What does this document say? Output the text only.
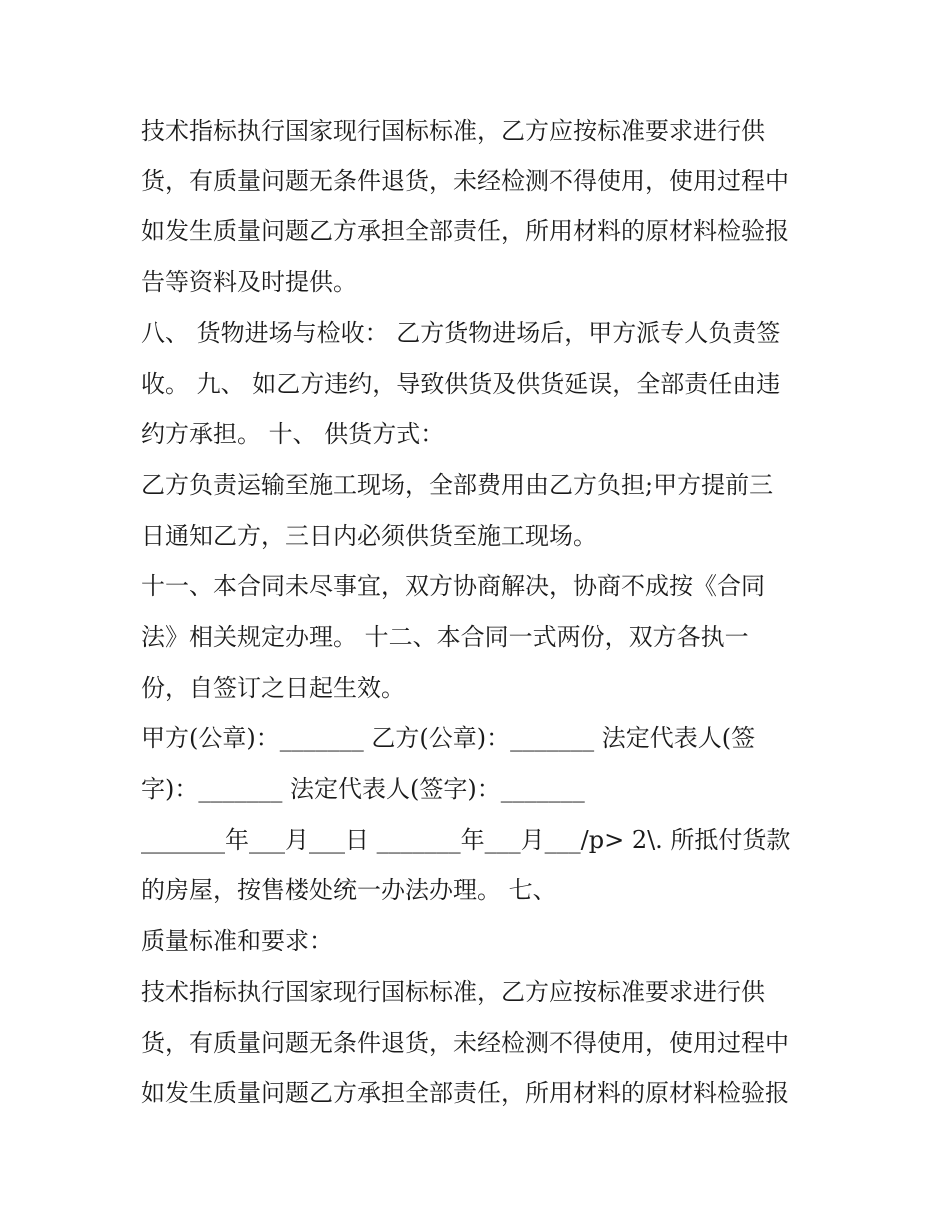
技术指标执行国家现行国标标准，乙方应按标准要求进行供
货，有质量问题无条件退货，未经检测不得使用，使用过程中
如发生质量问题乙方承担全部责任，所用材料的原材料检验报
告等资料及时提供。
八、 货物进场与检收： 乙方货物进场后，甲方派专人负责签
收。 九、 如乙方违约，导致供货及供货延误，全部责任由违
约方承担。 十、 供货方式：
乙方负责运输至施工现场，全部费用由乙方负担;甲方提前三
日通知乙方，三日内必须供货至施工现场。
十一、本合同未尽事宜，双方协商解决，协商不成按《合同
法》相关规定办理。 十二、本合同一式两份，双方各执一
份，自签订之日起生效。
甲方(公章)：_______ 乙方(公章)：_______ 法定代表人(签
字)：_______ 法定代表人(签字)：_______
_______年___月___日 _______年___月___/p> 2\. 所抵付货款
的房屋，按售楼处统一办法办理。 七、
质量标准和要求：
技术指标执行国家现行国标标准，乙方应按标准要求进行供
货，有质量问题无条件退货，未经检测不得使用，使用过程中
如发生质量问题乙方承担全部责任，所用材料的原材料检验报
